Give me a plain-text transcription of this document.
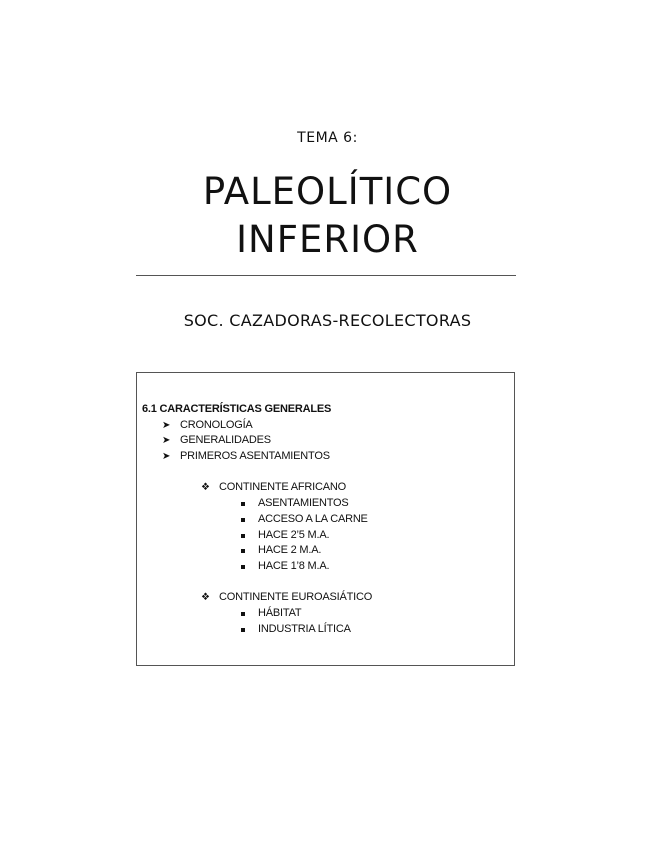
TEMA 6:
PALEOLÍTICO
INFERIOR
SOC. CAZADORAS-RECOLECTORAS
6.1 CARACTERÍSTICAS GENERALES
➤ CRONOLOGÍA
➤ GENERALIDADES
➤ PRIMEROS ASENTAMIENTOS
❖ CONTINENTE AFRICANO
ASENTAMIENTOS
ACCESO A LA CARNE
HACE 2’5 M.A.
HACE 2 M.A.
HACE 1’8 M.A.
❖ CONTINENTE EUROASIÁTICO
HÁBITAT
INDUSTRIA LÍTICA
